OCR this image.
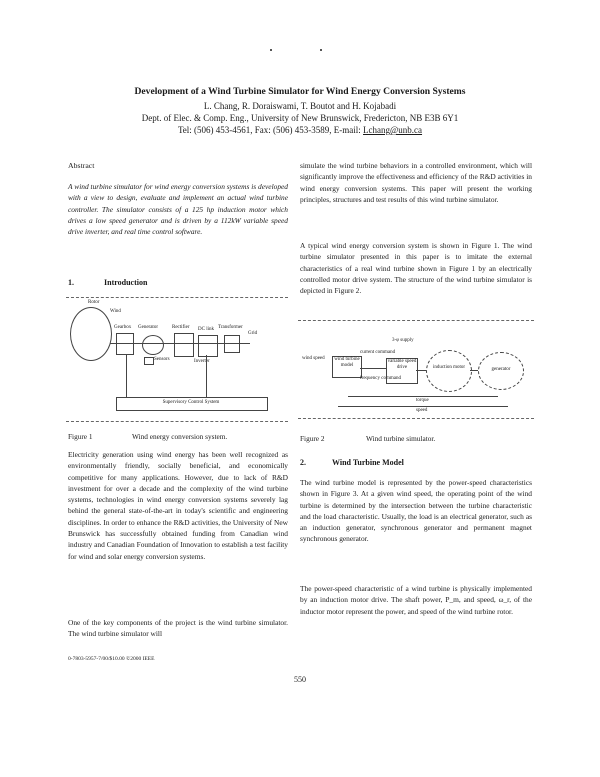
Development of a Wind Turbine Simulator for Wind Energy Conversion Systems
L. Chang, R. Doraiswami, T. Boutot and H. Kojabadi
Dept. of Elec. & Comp. Eng., University of New Brunswick, Fredericton, NB E3B 6Y1
Tel: (506) 453-4561, Fax: (506) 453-3589, E-mail: Lchang@unb.ca
Abstract
A wind turbine simulator for wind energy conversion systems is developed with a view to design, evaluate and implement an actual wind turbine controller. The simulator consists of a 125 hp induction motor which drives a low speed generator and is driven by a 112kW variable speed drive inverter, and real time control software.
1.	Introduction
Rotor
Wind
Gearbox Generator
Sensors
Rectifier DC link
Inverter
Transformer
Grid
Supervisory Control System
Figure 1	Wind energy conversion system.
Electricity generation using wind energy has been well recognized as environmentally friendly, socially beneficial, and economically competitive for many applications. However, due to lack of R&D investment for over a decade and the complexity of the wind turbine systems, technologies in wind energy conversion systems severely lag behind the general state-of-the-art in today's scientific and engineering disciplines. In order to enhance the R&D activities, the University of New Brunswick has successfully obtained funding from Canadian wind industry and Canadian Foundation of Innovation to establish a test facility for wind and solar energy conversion systems.
One of the key components of the project is the wind turbine simulator. The wind turbine simulator will
simulate the wind turbine behaviors in a controlled environment, which will significantly improve the effectiveness and efficiency of the R&D activities in wind energy conversion systems. This paper will present the working principles, structures and test results of this wind turbine simulator.
A typical wind energy conversion system is shown in Figure 1. The wind turbine simulator presented in this paper is to imitate the external characteristics of a real wind turbine shown in Figure 1 by an electrically controlled motor drive system. The structure of the wind turbine simulator is depicted in Figure 2.
wind speed wind turbine model
current command
frequency command
3-φ supply
variable speed drive	induction motor	generator
torque
speed
Figure 2	Wind turbine simulator.
2.	Wind Turbine Model
The wind turbine model is represented by the power-speed characteristics shown in Figure 3. At a given wind speed, the operating point of the wind turbine is determined by the intersection between the turbine characteristic and the load characteristic. Usually, the load is an electrical generator, such as an induction generator, synchronous generator and permanent magnet synchronous generator.
The power-speed characteristic of a wind turbine is physically implemented by an induction motor drive. The shaft power, P_m, and speed, ω_r, of the inductor motor represent the power, and speed of the wind turbine rotor.
0-7803-5957-7/00/$10.00 ©2000 IEEE
550
